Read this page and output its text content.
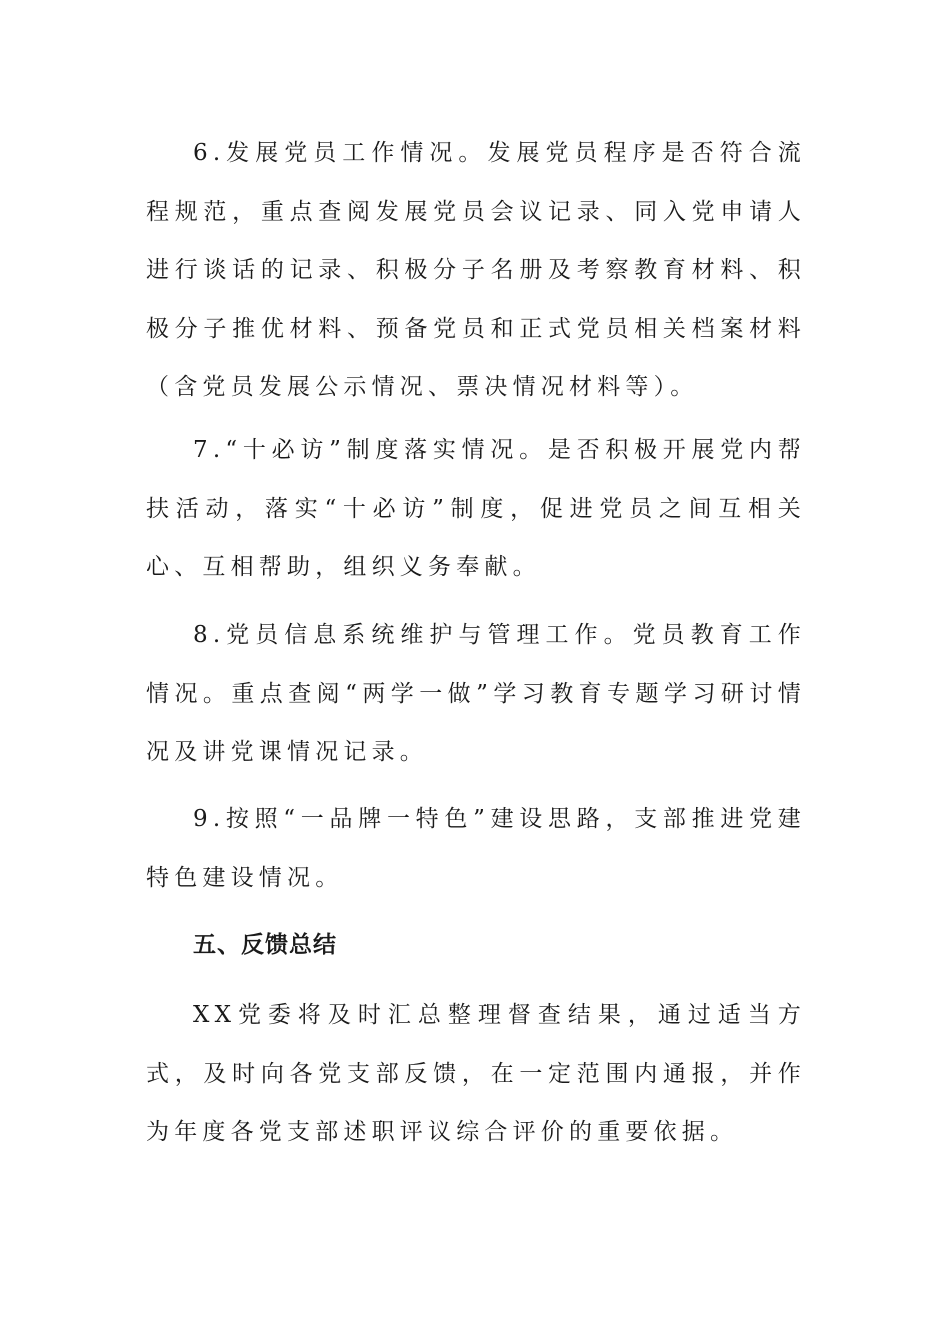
6.发展党员工作情况。发展党员程序是否符合流程规范，重点查阅发展党员会议记录、同入党申请人进行谈话的记录、积极分子名册及考察教育材料、积极分子推优材料、预备党员和正式党员相关档案材料（含党员发展公示情况、票决情况材料等）。

7.“十必访”制度落实情况。是否积极开展党内帮扶活动，落实“十必访”制度，促进党员之间互相关心、互相帮助，组织义务奉献。

8.党员信息系统维护与管理工作。党员教育工作情况。重点查阅“两学一做”学习教育专题学习研讨情况及讲党课情况记录。

9.按照“一品牌一特色”建设思路，支部推进党建特色建设情况。

五、反馈总结

XX党委将及时汇总整理督查结果，通过适当方式，及时向各党支部反馈，在一定范围内通报，并作为年度各党支部述职评议综合评价的重要依据。
